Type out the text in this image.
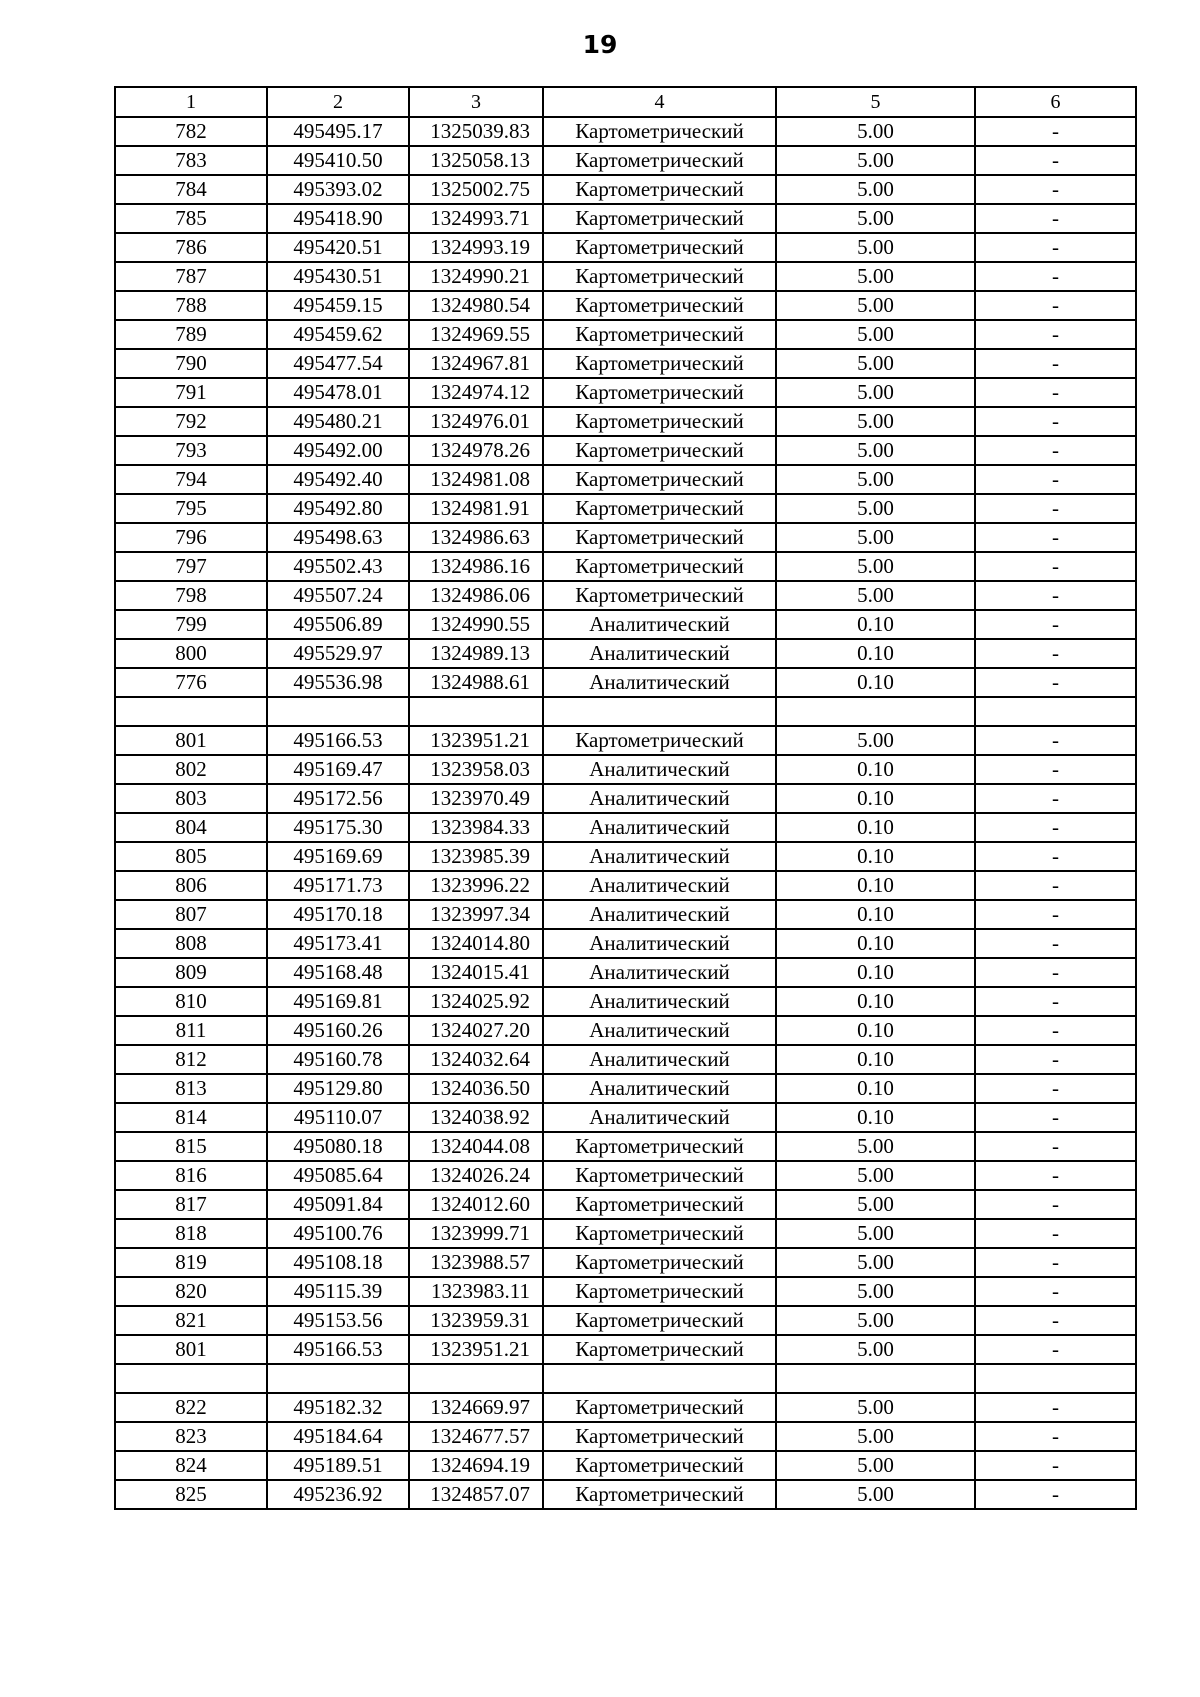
19
1	2	3	4	5	6
782	495495.17	1325039.83	Картометрический	5.00	-
783	495410.50	1325058.13	Картометрический	5.00	-
784	495393.02	1325002.75	Картометрический	5.00	-
785	495418.90	1324993.71	Картометрический	5.00	-
786	495420.51	1324993.19	Картометрический	5.00	-
787	495430.51	1324990.21	Картометрический	5.00	-
788	495459.15	1324980.54	Картометрический	5.00	-
789	495459.62	1324969.55	Картометрический	5.00	-
790	495477.54	1324967.81	Картометрический	5.00	-
791	495478.01	1324974.12	Картометрический	5.00	-
792	495480.21	1324976.01	Картометрический	5.00	-
793	495492.00	1324978.26	Картометрический	5.00	-
794	495492.40	1324981.08	Картометрический	5.00	-
795	495492.80	1324981.91	Картометрический	5.00	-
796	495498.63	1324986.63	Картометрический	5.00	-
797	495502.43	1324986.16	Картометрический	5.00	-
798	495507.24	1324986.06	Картометрический	5.00	-
799	495506.89	1324990.55	Аналитический	0.10	-
800	495529.97	1324989.13	Аналитический	0.10	-
776	495536.98	1324988.61	Аналитический	0.10	-

801	495166.53	1323951.21	Картометрический	5.00	-
802	495169.47	1323958.03	Аналитический	0.10	-
803	495172.56	1323970.49	Аналитический	0.10	-
804	495175.30	1323984.33	Аналитический	0.10	-
805	495169.69	1323985.39	Аналитический	0.10	-
806	495171.73	1323996.22	Аналитический	0.10	-
807	495170.18	1323997.34	Аналитический	0.10	-
808	495173.41	1324014.80	Аналитический	0.10	-
809	495168.48	1324015.41	Аналитический	0.10	-
810	495169.81	1324025.92	Аналитический	0.10	-
811	495160.26	1324027.20	Аналитический	0.10	-
812	495160.78	1324032.64	Аналитический	0.10	-
813	495129.80	1324036.50	Аналитический	0.10	-
814	495110.07	1324038.92	Аналитический	0.10	-
815	495080.18	1324044.08	Картометрический	5.00	-
816	495085.64	1324026.24	Картометрический	5.00	-
817	495091.84	1324012.60	Картометрический	5.00	-
818	495100.76	1323999.71	Картометрический	5.00	-
819	495108.18	1323988.57	Картометрический	5.00	-
820	495115.39	1323983.11	Картометрический	5.00	-
821	495153.56	1323959.31	Картометрический	5.00	-
801	495166.53	1323951.21	Картометрический	5.00	-

822	495182.32	1324669.97	Картометрический	5.00	-
823	495184.64	1324677.57	Картометрический	5.00	-
824	495189.51	1324694.19	Картометрический	5.00	-
825	495236.92	1324857.07	Картометрический	5.00	-
